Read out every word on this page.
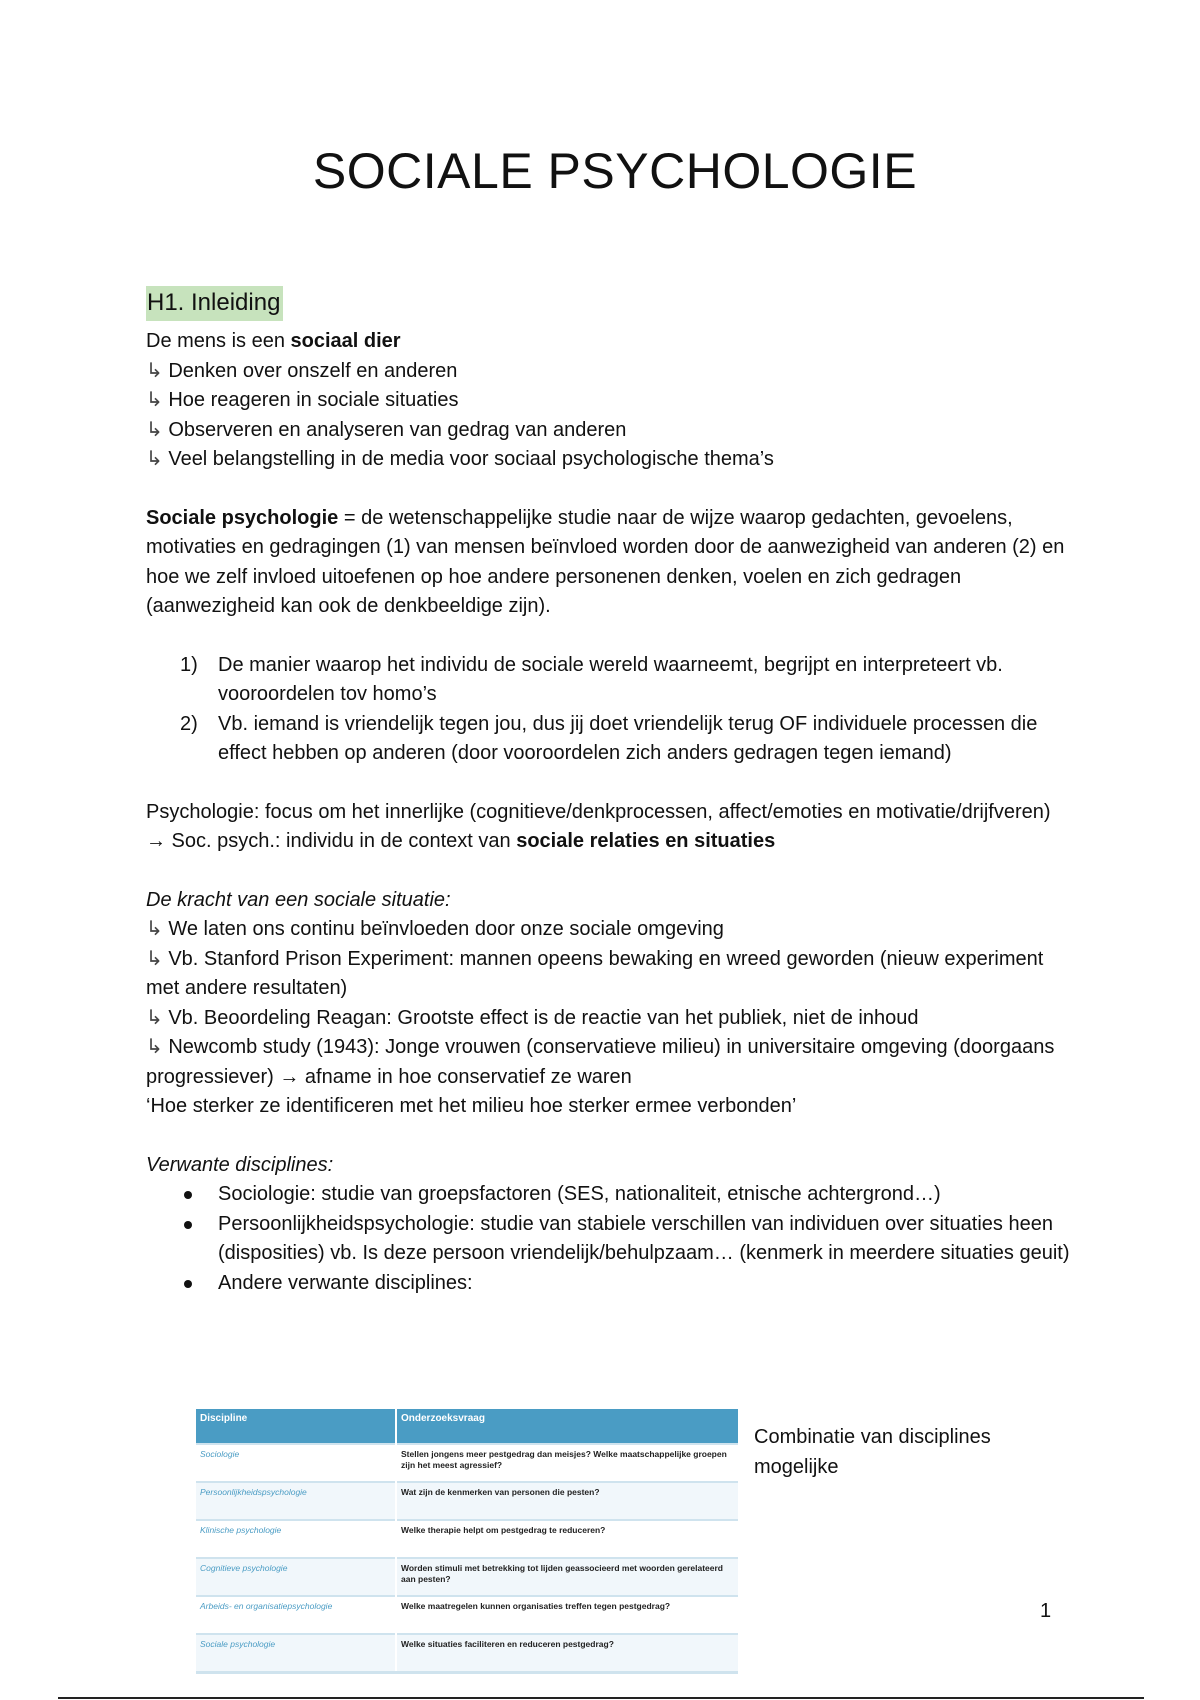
SOCIALE PSYCHOLOGIE
H1. Inleiding

De mens is een sociaal dier

↳ Denken over onszelf en anderen

↳ Hoe reageren in sociale situaties

↳ Observeren en analyseren van gedrag van anderen

↳ Veel belangstelling in de media voor sociaal psychologische thema’s

Sociale psychologie = de wetenschappelijke studie naar de wijze waarop gedachten, gevoelens, motivaties en gedragingen (1) van mensen beïnvloed worden door de aanwezigheid van anderen (2) en hoe we zelf invloed uitoefenen op hoe andere personenen denken, voelen en zich gedragen (aanwezigheid kan ook de denkbeeldige zijn).

1) De manier waarop het individu de sociale wereld waarneemt, begrijpt en interpreteert vb. vooroordelen tov homo’s
2) Vb. iemand is vriendelijk tegen jou, dus jij doet vriendelijk terug OF individuele processen die effect hebben op anderen (door vooroordelen zich anders gedragen tegen iemand)

Psychologie: focus om het innerlijke (cognitieve/denkprocessen, affect/emoties en motivatie/drijfveren)

→ Soc. psych.: individu in de context van sociale relaties en situaties

De kracht van een sociale situatie:

↳ We laten ons continu beïnvloeden door onze sociale omgeving

↳ Vb. Stanford Prison Experiment: mannen opeens bewaking en wreed geworden (nieuw experiment met andere resultaten)

↳ Vb. Beoordeling Reagan: Grootste effect is de reactie van het publiek, niet de inhoud

↳ Newcomb study (1943): Jonge vrouwen (conservatieve milieu) in universitaire omgeving (doorgaans progressiever) → afname in hoe conservatief ze waren

‘Hoe sterker ze identificeren met het milieu hoe sterker ermee verbonden’

Verwante disciplines:

Sociologie: studie van groepsfactoren (SES, nationaliteit, etnische achtergrond…)
Persoonlijkheidspsychologie: studie van stabiele verschillen van individuen over situaties heen (disposities) vb. Is deze persoon vriendelijk/behulpzaam… (kenmerk in meerdere situaties geuit)
Andere verwante disciplines:
Discipline	Onderzoeksvraag
Sociologie	Stellen jongens meer pestgedrag dan meisjes? Welke maatschappelijke groepen zijn het meest agressief?
Persoonlijkheidspsychologie	Wat zijn de kenmerken van personen die pesten?
Klinische psychologie	Welke therapie helpt om pestgedrag te reduceren?
Cognitieve psychologie	Worden stimuli met betrekking tot lijden geassocieerd met woorden gerelateerd aan pesten?
Arbeids- en organisatiepsychologie	Welke maatregelen kunnen organisaties treffen tegen pestgedrag?
Sociale psychologie	Welke situaties faciliteren en reduceren pestgedrag?
Combinatie van disciplines mogelijke
1
